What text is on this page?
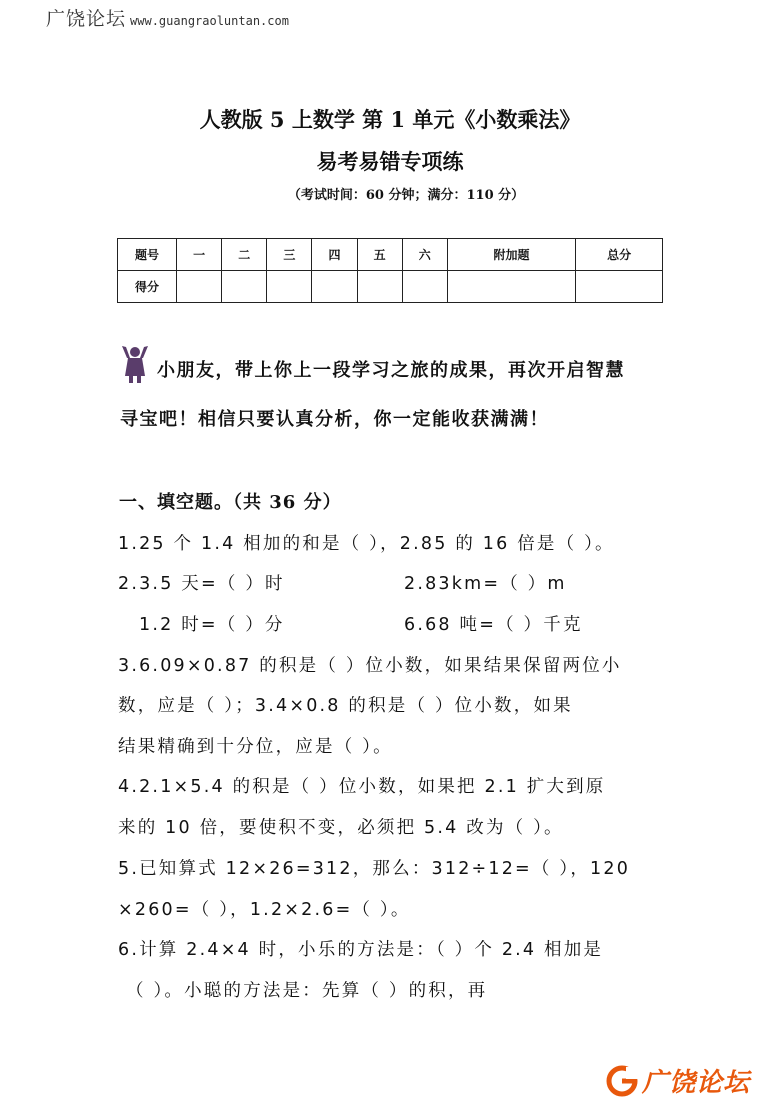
广饶论坛 www.guangraoluntan.com
人教版 5 上数学 第 1 单元《小数乘法》
易考易错专项练
（考试时间：60 分钟；满分：110 分）
题号	一	二	三	四	五	六	附加题	总分
得分								
小朋友，带上你上一段学习之旅的成果，再次开启智慧
寻宝吧！相信只要认真分析，你一定能收获满满！
一、填空题。（共 36 分）
1.25 个 1.4 相加的和是（ ），2.85 的 16 倍是（ ）。
2.3.5 天=（ ）时	2.83km=（ ）m
1.2 时=（ ）分	6.68 吨=（ ）千克
3.6.09×0.87 的积是（ ）位小数，如果结果保留两位小
数，应是（ ）；3.4×0.8 的积是（ ）位小数，如果
结果精确到十分位，应是（ ）。
4.2.1×5.4 的积是（ ）位小数，如果把 2.1 扩大到原
来的 10 倍，要使积不变，必须把 5.4 改为（ ）。
5.已知算式 12×26=312，那么：312÷12=（ ），120
×260=（ ），1.2×2.6=（ ）。
6.计算 2.4×4 时，小乐的方法是：（ ）个 2.4 相加是
（ ）。小聪的方法是：先算（ ）的积，再
广饶论坛
